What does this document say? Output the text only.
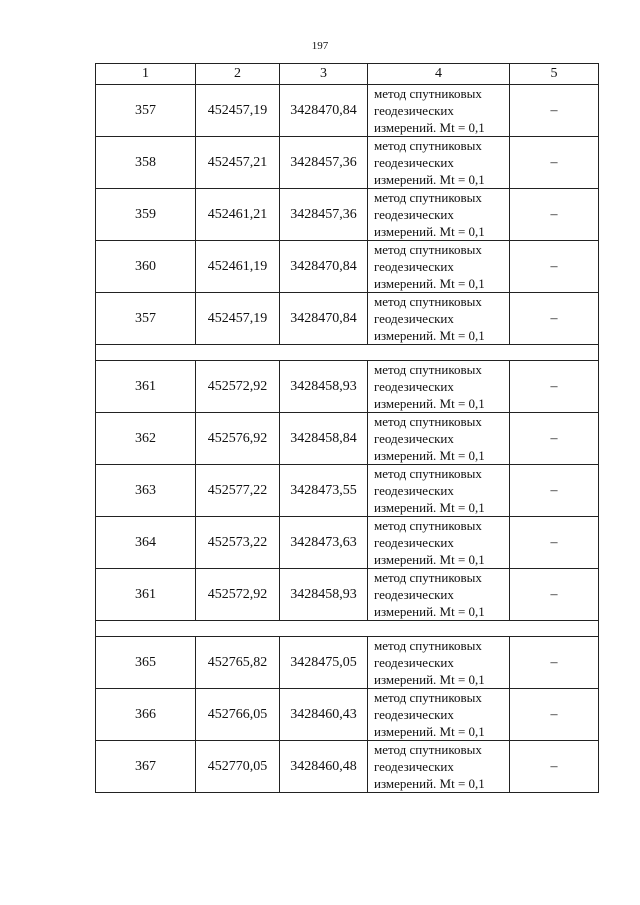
197
1	2	3	4	5
357	452457,19	3428470,84	метод спутниковых
геодезических
измерений. Mt = 0,1	–
358	452457,21	3428457,36	метод спутниковых
геодезических
измерений. Mt = 0,1	–
359	452461,21	3428457,36	метод спутниковых
геодезических
измерений. Mt = 0,1	–
360	452461,19	3428470,84	метод спутниковых
геодезических
измерений. Mt = 0,1	–
357	452457,19	3428470,84	метод спутниковых
геодезических
измерений. Mt = 0,1	–

361	452572,92	3428458,93	метод спутниковых
геодезических
измерений. Mt = 0,1	–
362	452576,92	3428458,84	метод спутниковых
геодезических
измерений. Mt = 0,1	–
363	452577,22	3428473,55	метод спутниковых
геодезических
измерений. Mt = 0,1	–
364	452573,22	3428473,63	метод спутниковых
геодезических
измерений. Mt = 0,1	–
361	452572,92	3428458,93	метод спутниковых
геодезических
измерений. Mt = 0,1	–

365	452765,82	3428475,05	метод спутниковых
геодезических
измерений. Mt = 0,1	–
366	452766,05	3428460,43	метод спутниковых
геодезических
измерений. Mt = 0,1	–
367	452770,05	3428460,48	метод спутниковых
геодезических
измерений. Mt = 0,1	–
